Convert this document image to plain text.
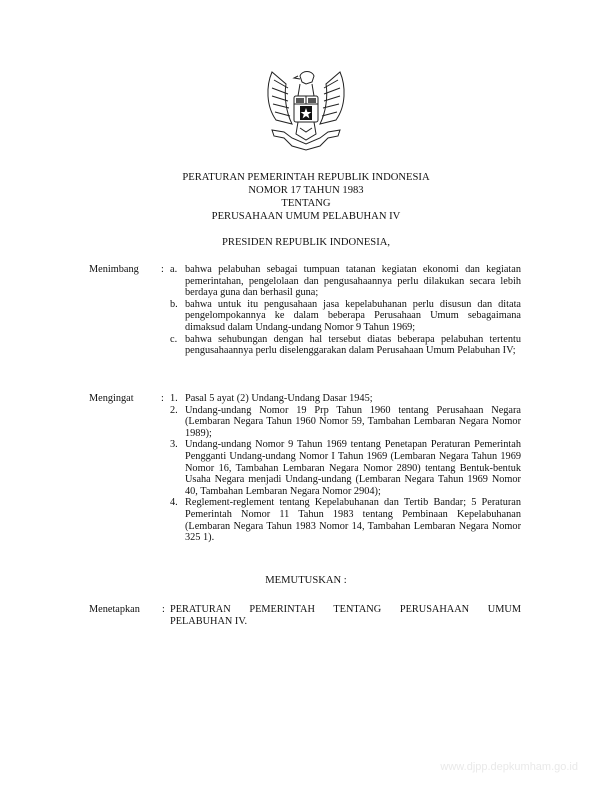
PERATURAN PEMERINTAH REPUBLIK INDONESIA
NOMOR 17 TAHUN 1983
TENTANG
PERUSAHAAN UMUM PELABUHAN IV
PRESIDEN REPUBLIK INDONESIA,
Menimbang	: a. bahwa pelabuhan sebagai tumpuan tatanan kegiatan ekonomi dan kegiatan pemerintahan, pengelolaan dan pengusahaannya perlu dilakukan secara lebih berdaya guna dan berhasil guna;
b. bahwa untuk itu pengusahaan jasa kepelabuhanan perlu disusun dan ditata pengelompokannya ke dalam beberapa Perusahaan Umum sebagaimana dimaksud dalam Undang-undang Nomor 9 Tahun 1969;
c. bahwa sehubungan dengan hal tersebut diatas beberapa pelabuhan tertentu pengusahaannya perlu diselenggarakan dalam Perusahaan Umum Pelabuhan IV;
Mengingat	: 1. Pasal 5 ayat (2) Undang-Undang Dasar 1945;
2. Undang-undang Nomor 19 Prp Tahun 1960 tentang Perusahaan Negara (Lembaran Negara Tahun 1960 Nomor 59, Tambahan Lembaran Negara Nomor 1989);
3. Undang-undang Nomor 9 Tahun 1969 tentang Penetapan Peraturan Pemerintah Pengganti Undang-undang Nomor I Tahun 1969 (Lembaran Negara Tahun 1969 Nomor 16, Tambahan Lembaran Negara Nomor 2890) tentang Bentuk-bentuk Usaha Negara menjadi Undang-undang (Lembaran Negara Tahun 1969 Nomor 40, Tambahan Lembaran Negara Nomor 2904);
4. Reglement-reglement tentang Kepelabuhanan dan Tertib Bandar; 5 Peraturan Pemerintah Nomor 11 Tahun 1983 tentang Pembinaan Kepelabuhanan (Lembaran Negara Tahun 1983 Nomor 14, Tambahan Lembaran Negara Nomor 325 1).
MEMUTUSKAN :
Menetapkan	: PERATURAN PEMERINTAH TENTANG PERUSAHAAN UMUM
PELABUHAN IV.
www.djpp.depkumham.go.id
